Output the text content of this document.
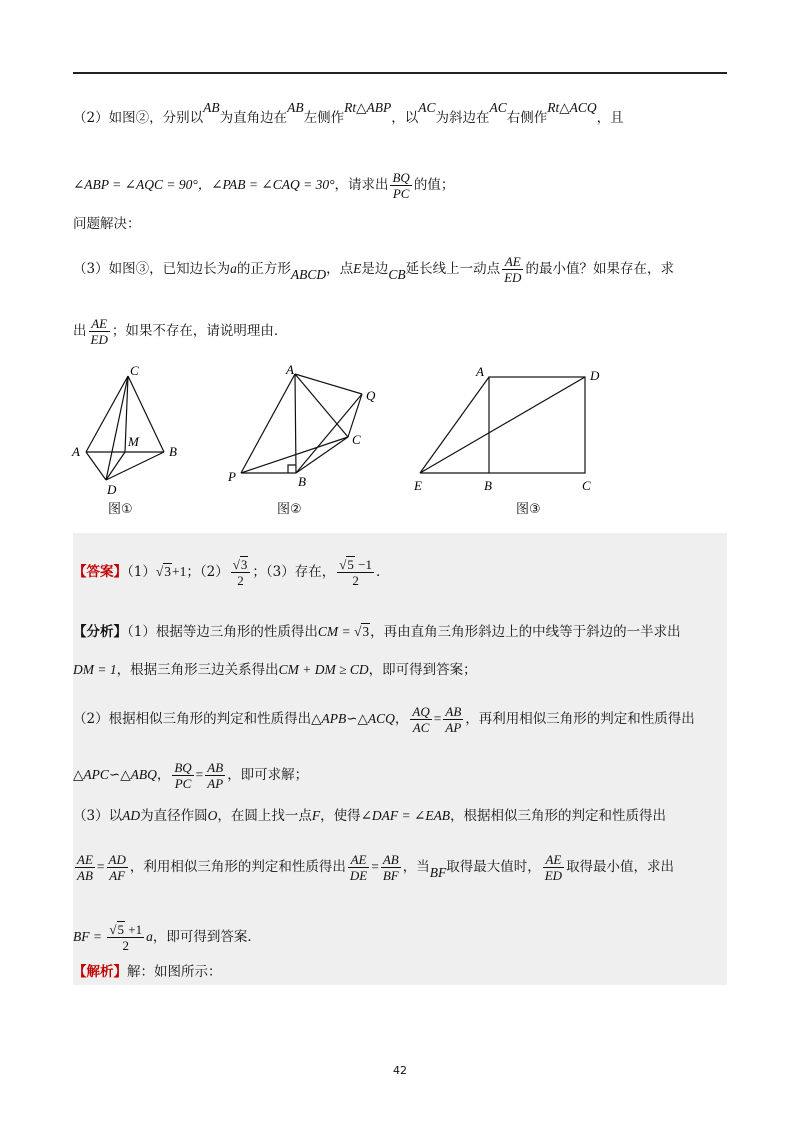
（2）如图②，分别以AB为直角边在AB左侧作Rt△ABP，以AC为斜边在AC右侧作Rt△ACQ，且
∠ABP = ∠AQC = 90°，∠PAB = ∠CAQ = 30°，请求出 $\frac{BQ}{PC}$ 的值；
问题解决：
（3）如图③，已知边长为a的正方形ABCD，点E是边CB延长线上一动点 $\frac{AE}{ED}$ 的最小值？如果存在，求
出 $\frac{AE}{ED}$ ；如果不存在，请说明理由．
C
A
M
B
D
A
Q
C
P	B
A	D
E	B	C
图①	图②	图③
【答案】（1）√3+1；$(2) \frac{√3}{2}$ ；（3）存在， $\frac{√5 -1}{2}$ ．
【分析】（1）根据等边三角形的性质得出CM = √3，再由直角三角形斜边上的中线等于斜边的一半求出
DM = 1，根据三角形三边关系得出CM + DM ≥ CD，即可得到答案；
（2）根据相似三角形的判定和性质得出△APB∽△ACQ， $\frac{AQ}{AC} = \frac{AB}{AP}$ ，再利用相似三角形的判定和性质得出
△APC∽△ABQ， $\frac{BQ}{PC} = \frac{AB}{AP}$ ，即可求解；
（3）以AD为直径作圆O，在圆上找一点F，使得∠DAF = ∠EAB，根据相似三角形的判定和性质得出
$\frac{AE}{AB} = \frac{AD}{AF}$ ，利用相似三角形的判定和性质得出 $\frac{AE}{DE} = \frac{AB}{BF}$ ，当BF取得最大值时， $\frac{AE}{ED}$ 取得最小值，求出
BF = $\frac{√5 +1}{2}$ a，即可得到答案．
【解析】解：如图所示：
42
